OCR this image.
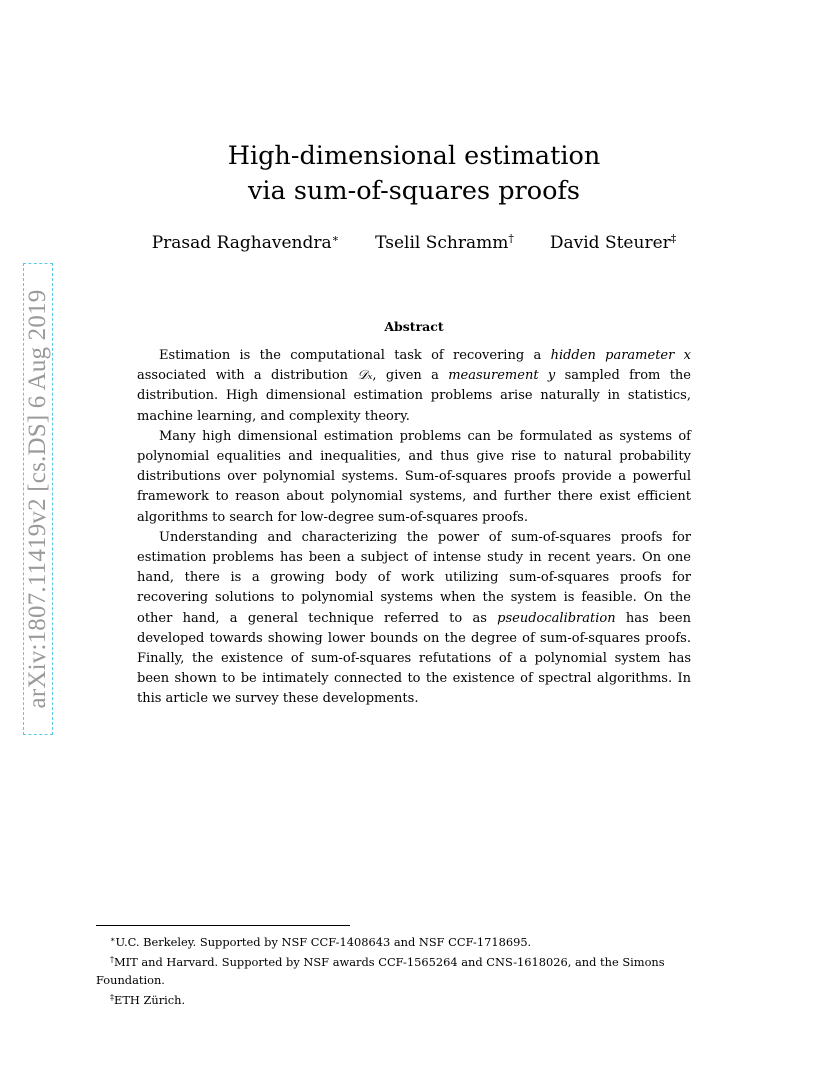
arXiv:1807.11419v2 [cs.DS] 6 Aug 2019
High-dimensional estimation
via sum-of-squares proofs
Prasad Raghavendra∗ Tselil Schramm† David Steurer‡
Abstract

Estimation is the computational task of recovering a hidden parameter x associated with a distribution 𝒟ₓ, given a measurement y sampled from the distribution. High dimensional estimation problems arise naturally in statistics, machine learning, and complexity theory.

Many high dimensional estimation problems can be formulated as systems of polynomial equalities and inequalities, and thus give rise to natural probability distributions over polynomial systems. Sum-of-squares proofs provide a powerful framework to reason about polynomial systems, and further there exist efficient algorithms to search for low-degree sum-of-squares proofs.

Understanding and characterizing the power of sum-of-squares proofs for estimation problems has been a subject of intense study in recent years. On one hand, there is a growing body of work utilizing sum-of-squares proofs for recovering solutions to polynomial systems when the system is feasible. On the other hand, a general technique referred to as pseudocalibration has been developed towards showing lower bounds on the degree of sum-of-squares proofs. Finally, the existence of sum-of-squares refutations of a polynomial system has been shown to be intimately connected to the existence of spectral algorithms. In this article we survey these developments.

∗U.C. Berkeley. Supported by NSF CCF-1408643 and NSF CCF-1718695.

†MIT and Harvard. Supported by NSF awards CCF-1565264 and CNS-1618026, and the Simons Foundation.

‡ETH Zürich.
